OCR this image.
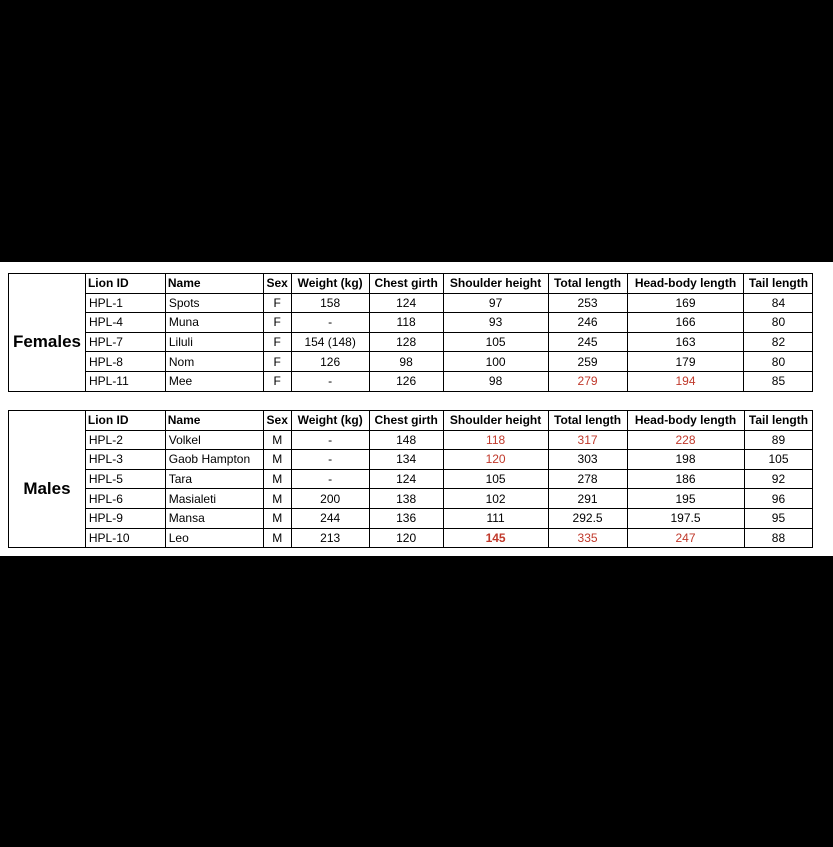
	Lion ID	Name	Sex	Weight (kg)	Chest girth	Shoulder height	Total length	Head-body length	Tail length	
Females	HPL-1	Spots	F	158	124	97	253	169	84	
	HPL-4	Muna	F	-	118	93	246	166	80	
	HPL-7	Liluli	F	154 (148)	128	105	245	163	82	
	HPL-8	Nom	F	126	98	100	259	179	80	
	HPL-11	Mee	F	-	126	98	279	194	85	
	Lion ID	Name	Sex	Weight (kg)	Chest girth	Shoulder height	Total length	Head-body length	Tail length	
Males	HPL-2	Volkel	M	-	148	118	317	228	89	
	HPL-3	Gaob Hampton	M	-	134	120	303	198	105	
	HPL-5	Tara	M	-	124	105	278	186	92	
	HPL-6	Masialeti	M	200	138	102	291	195	96	
	HPL-9	Mansa	M	244	136	111	292.5	197.5	95	
	HPL-10	Leo	M	213	120	145	335	247	88	
